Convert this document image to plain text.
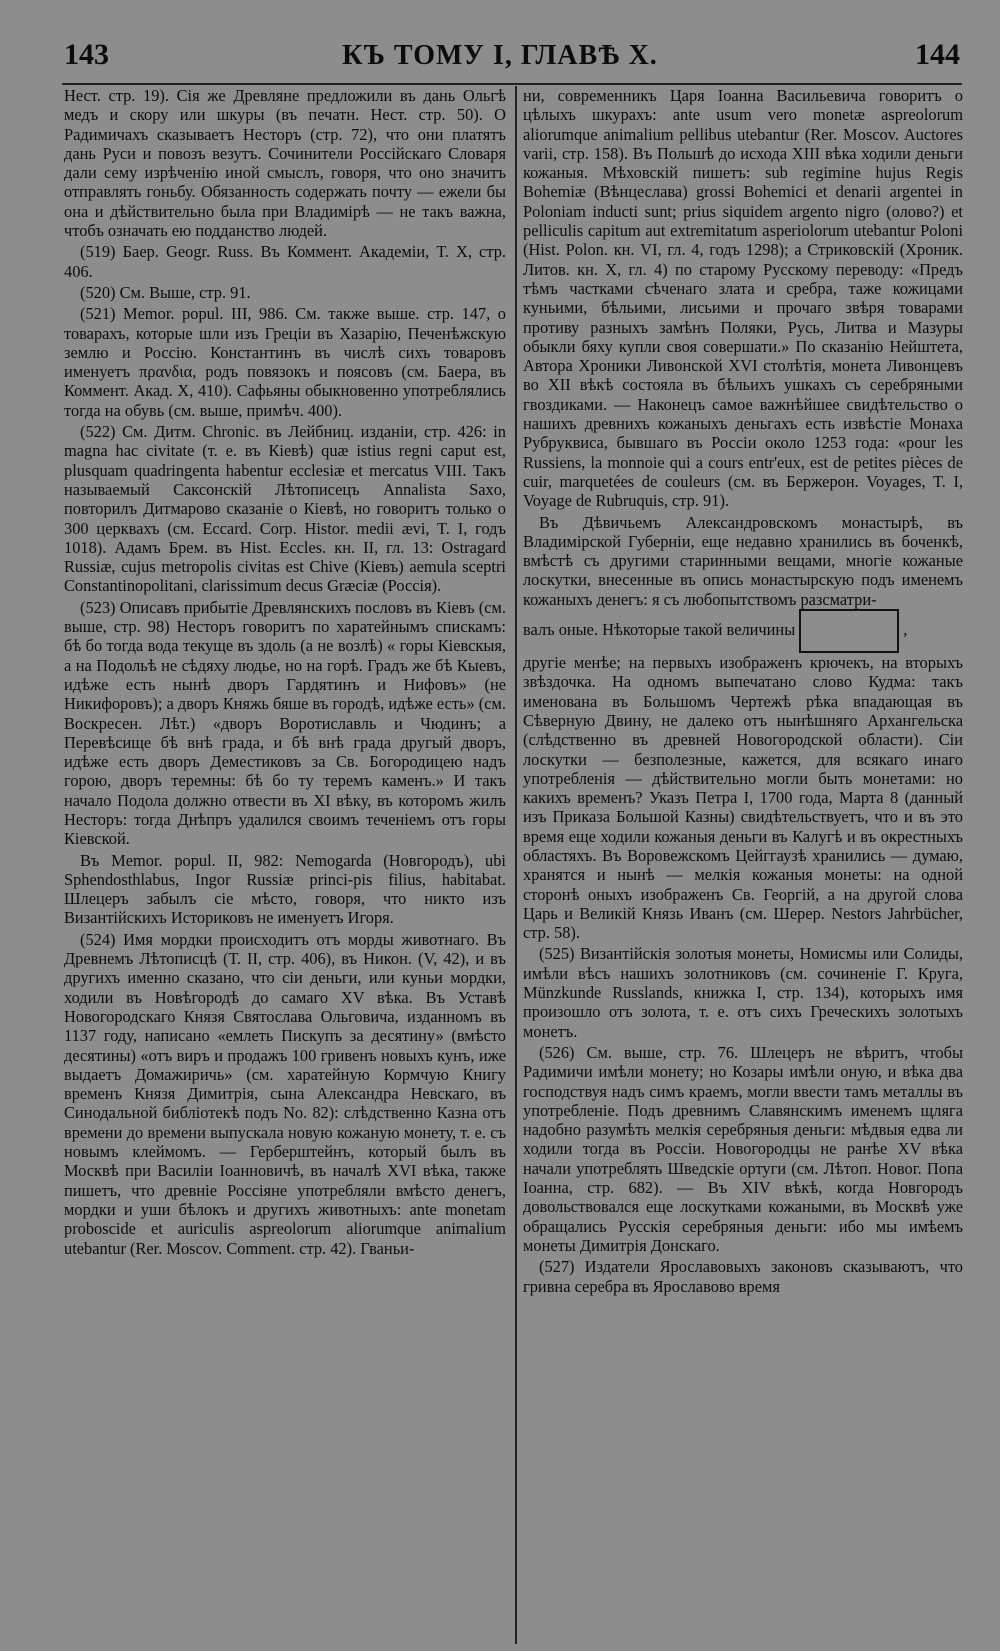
143	КЪ ТОМУ I, ГЛАВѢ X.	144

Нест. стр. 19). Сія же Древляне предложили въ дань Ольгѣ медъ и скору или шкуры (въ печатн. Нест. стр. 50). О Радимичахъ сказываетъ Несторъ (стр. 72), что они платятъ дань Руси и повозъ везутъ. Сочинители Россійскаго Словаря дали сему изрѣченію иной смыслъ, говоря, что оно значитъ отправлять гоньбу. Обязанность содержать почту — ежели бы она и дѣйствительно была при Владимірѣ — не такъ важна, чтобъ означать ею подданство людей.

(519) Баер. Geogr. Russ. Въ Коммент. Академіи, Т. X, стр. 406.

(520) См. Выше, стр. 91.

(521) Memor. popul. III, 986. См. также выше. стр. 147, о товарахъ, которые шли изъ Греціи въ Хазарію, Печенѣжскую землю и Россію. Константинъ въ числѣ сихъ товаровъ именуетъ πρανδια, родъ повязокъ и поясовъ (см. Баера, въ Коммент. Акад. X, 410). Сафьяны обыкновенно употреблялись тогда на обувь (см. выше, примѣч. 400).

(522) См. Дитм. Chronic. въ Лейбниц. изданіи, стр. 426: in magna hac civitate (т. е. въ Кіевѣ) quæ istius regni caput est, plusquam quadringenta habentur ecclesiæ et mercatus VIII. Такъ называемый Саксонскій Лѣтописецъ Annalista Saxo, повторилъ Дитмарово сказаніе о Кіевѣ, но говоритъ только о 300 церквахъ (см. Eccard. Corp. Histor. medii ævi, T. I, годъ 1018). Адамъ Брем. въ Hist. Eccles. кн. II, гл. 13: Ostragard Russiæ, cujus metropolis civitas est Chive (Кіевъ) aemula sceptri Constantinopolitani, clarissimum decus Græciæ (Россія).

(523) Описавъ прибытіе Древлянскихъ пословъ въ Кіевъ (см. выше, стр. 98) Несторъ говоритъ по харатейнымъ спискамъ: бѣ бо тогда вода текуще въ здоль (а не возлѣ) « горы Кіевскыя, а на Подольѣ не сѣдяху людье, но на горѣ. Градъ же бѣ Кыевъ, идѣже есть нынѣ дворъ Гардятинъ и Нифовъ» (не Никифоровъ); а дворъ Княжь бяше въ городѣ, идѣже есть» (см. Воскресен. Лѣт.) «дворъ Воротиславль и Чюдинъ; а Перевѣсище бѣ внѣ града, и бѣ внѣ града другый дворъ, идѣже есть дворъ Деместиковъ за Св. Богородицею надъ горою, дворъ теремны: бѣ бо ту теремъ каменъ.» И такъ начало Подола должно отвести въ XI вѣку, въ которомъ жилъ Несторъ: тогда Днѣпръ удалился своимъ теченіемъ отъ горы Кіевской.

Въ Memor. popul. II, 982: Nemogarda (Новгородъ), ubi Sphendosthlabus, Ingor Russiæ princi-pis filius, habitabat. Шлецеръ забылъ сіе мѣсто, говоря, что никто изъ Византійскихъ Историковъ не именуетъ Игоря.

(524) Имя мордки происходитъ отъ морды животнаго. Въ Древнемъ Лѣтописцѣ (Т. II, стр. 406), въ Никон. (V, 42), и въ другихъ именно сказано, что сіи деньги, или куньи мордки, ходили въ Новѣгородѣ до самаго XV вѣка. Въ Уставѣ Новогородскаго Князя Святослава Ольговича, изданномъ въ 1137 году, написано «емлеть Пискупъ за десятину» (вмѣсто десятины) «отъ виръ и продажъ 100 гривенъ новыхъ кунъ, иже выдаетъ Домажиричь» (см. харатейную Кормчую Книгу временъ Князя Димитрія, сына Александра Невскаго, въ Синодальной библіотекѣ подъ No. 82): слѣдственно Казна отъ времени до времени выпускала новую кожаную монету, т. е. съ новымъ клеймомъ. — Герберштейнъ, который былъ въ Москвѣ при Василіи Іоанновичѣ, въ началѣ XVI вѣка, также пишетъ, что древніе Россіяне употребляли вмѣсто денегъ, мордки и уши бѣлокъ и другихъ животныхъ: ante monetam proboscide et auriculis aspreolorum aliorumque animalium utebantur (Rer. Moscov. Comment. стр. 42). Гваньи-

ни, современникъ Царя Іоанна Васильевича говоритъ о цѣлыхъ шкурахъ: ante usum vero monetæ aspreolorum aliorumque animalium pellibus utebantur (Rer. Moscov. Auctores varii, стр. 158). Въ Польшѣ до исхода XIII вѣка ходили деньги кожаныя. Мѣховскій пишетъ: sub regimine hujus Regis Bohemiæ (Вѣнцеслава) grossi Bohemici et denarii argentei in Poloniam inducti sunt; prius siquidem argento nigro (олово?) et pelliculis capitum aut extremitatum asperiolorum utebantur Poloni (Hist. Polon. кн. VI, гл. 4, годъ 1298); а Стриковскій (Хроник. Литов. кн. X, гл. 4) по старому Русскому переводу: «Предъ тѣмъ частками сѣченаго злата и сребра, таже кожицами куньими, бѣльими, лисьими и прочаго звѣря товарами противу разныхъ замѣнъ Поляки, Русь, Литва и Мазуры обыкли бяху купли своя совершати.» По сказанію Нейштета, Автора Хроники Ливонской XVI столѣтія, монета Ливонцевъ во XII вѣкѣ состояла въ бѣльихъ ушкахъ съ серебряными гвоздиками. — Наконецъ самое важнѣйшее свидѣтельство о нашихъ древнихъ кожаныхъ деньгахъ есть извѣстіе Монаха Рубруквиса, бывшаго въ Россіи около 1253 года: «pour les Russiens, la monnoie qui a cours entr'eux, est de petites pièces de cuir, marquetées de couleurs (см. въ Бержерон. Voyages, T. I, Voyage de Rubruquis, стр. 91).

Въ Дѣвичьемъ Александровскомъ монастырѣ, въ Владимірской Губерніи, еще недавно хранились въ боченкѣ, вмѣстѣ съ другими старинными вещами, многіе кожаные лоскутки, внесенные въ опись монастырскую подъ именемъ кожаныхъ денегъ: я съ любопытствомъ разсматри-

валъ оные. Нѣкоторые такой величины	,

другіе менѣе; на первыхъ изображенъ крючекъ, на вторыхъ звѣздочка. На одномъ выпечатано слово Кудма: такъ именована въ Большомъ Чертежѣ рѣка впадающая въ Сѣверную Двину, не далеко отъ нынѣшняго Архангельска (слѣдственно въ древней Новогородской области). Сіи лоскутки — безполезные, кажется, для всякаго инаго употребленія — дѣйствительно могли быть монетами: но какихъ временъ? Указъ Петра I, 1700 года, Марта 8 (данный изъ Приказа Большой Казны) свидѣтельствуетъ, что и въ это время еще ходили кожаныя деньги въ Калугѣ и въ окрестныхъ областяхъ. Въ Воровежскомъ Цейггаузѣ хранились — думаю, хранятся и нынѣ — мелкія кожаныя монеты: на одной сторонѣ оныхъ изображенъ Св. Георгій, а на другой слова Царь и Великій Князь Иванъ (см. Шерер. Nestors Jahrbücher, стр. 58).

(525) Византійскія золотыя монеты, Номисмы или Солиды, имѣли вѣсъ нашихъ золотниковъ (см. сочиненіе Г. Круга, Münzkunde Russlands, книжка I, стр. 134), которыхъ имя произошло отъ золота, т. е. отъ сихъ Греческихъ золотыхъ монетъ.

(526) См. выше, стр. 76. Шлецеръ не вѣритъ, чтобы Радимичи имѣли монету; но Козары имѣли оную, и вѣка два господствуя надъ симъ краемъ, могли ввести тамъ металлы въ употребленіе. Подъ древнимъ Славянскимъ именемъ щляга надобно разумѣть мелкія серебряныя деньги: мѣдвыя едва ли ходили тогда въ Россіи. Новогородцы не ранѣе XV вѣка начали употреблять Шведскіе ортуги (см. Лѣтоп. Новог. Попа Іоанна, стр. 682). — Въ XIV вѣкѣ, когда Новгородъ довольствовался еще лоскутками кожаными, въ Москвѣ уже обращались Русскія серебряныя деньги: ибо мы имѣемъ монеты Димитрія Донскаго.

(527) Издатели Ярославовыхъ законовъ сказываютъ, что гривна серебра въ Ярославово время
